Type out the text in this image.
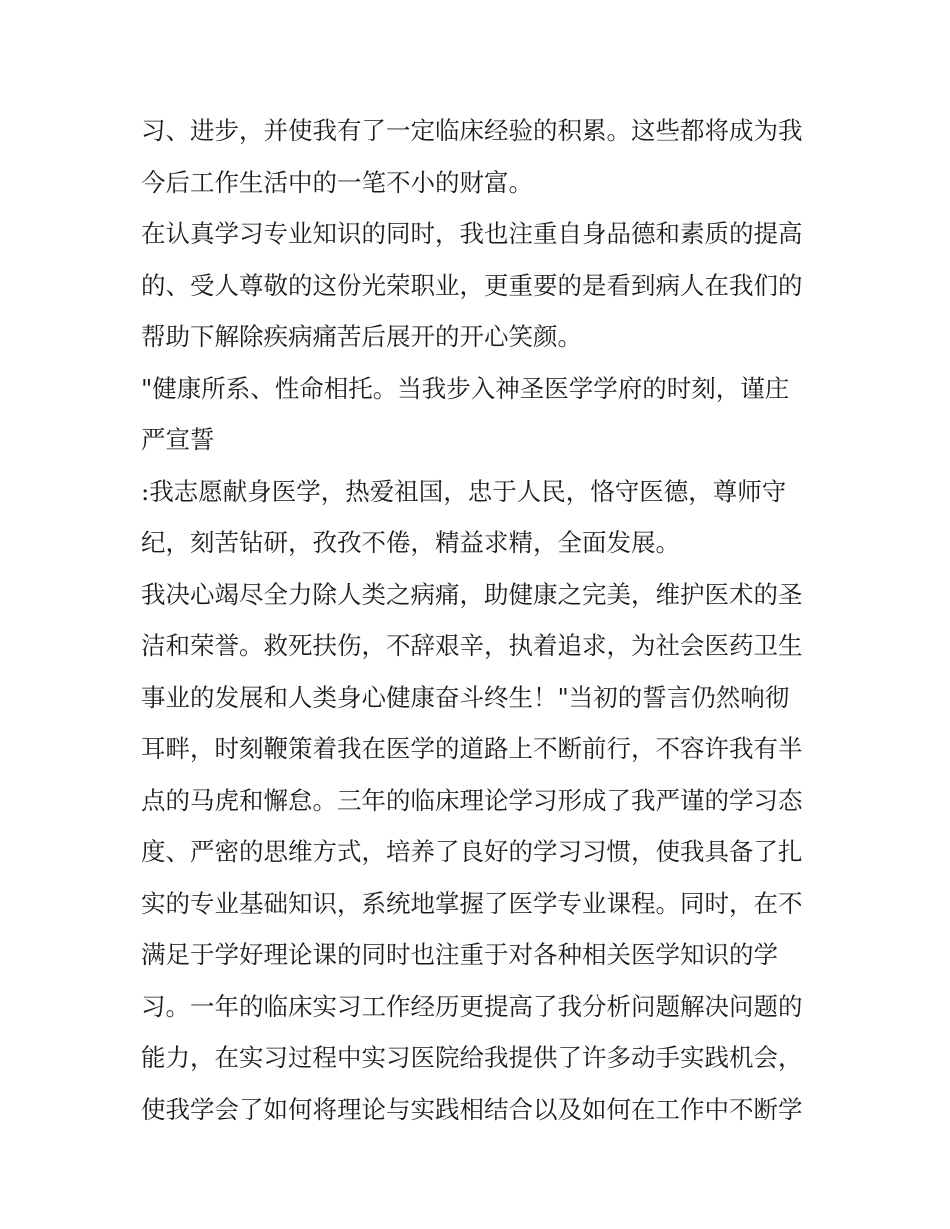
习、进步，并使我有了一定临床经验的积累。这些都将成为我
今后工作生活中的一笔不小的财富。
在认真学习专业知识的同时，我也注重自身品德和素质的提高
的、受人尊敬的这份光荣职业，更重要的是看到病人在我们的
帮助下解除疾病痛苦后展开的开心笑颜。
"健康所系、性命相托。当我步入神圣医学学府的时刻，谨庄
严宣誓
:我志愿献身医学，热爱祖国，忠于人民，恪守医德，尊师守
纪，刻苦钻研，孜孜不倦，精益求精，全面发展。
我决心竭尽全力除人类之病痛，助健康之完美，维护医术的圣
洁和荣誉。救死扶伤，不辞艰辛，执着追求，为社会医药卫生
事业的发展和人类身心健康奋斗终生！"当初的誓言仍然响彻
耳畔，时刻鞭策着我在医学的道路上不断前行，不容许我有半
点的马虎和懈怠。三年的临床理论学习形成了我严谨的学习态
度、严密的思维方式，培养了良好的学习习惯，使我具备了扎
实的专业基础知识，系统地掌握了医学专业课程。同时，在不
满足于学好理论课的同时也注重于对各种相关医学知识的学
习。一年的临床实习工作经历更提高了我分析问题解决问题的
能力，在实习过程中实习医院给我提供了许多动手实践机会，
使我学会了如何将理论与实践相结合以及如何在工作中不断学
